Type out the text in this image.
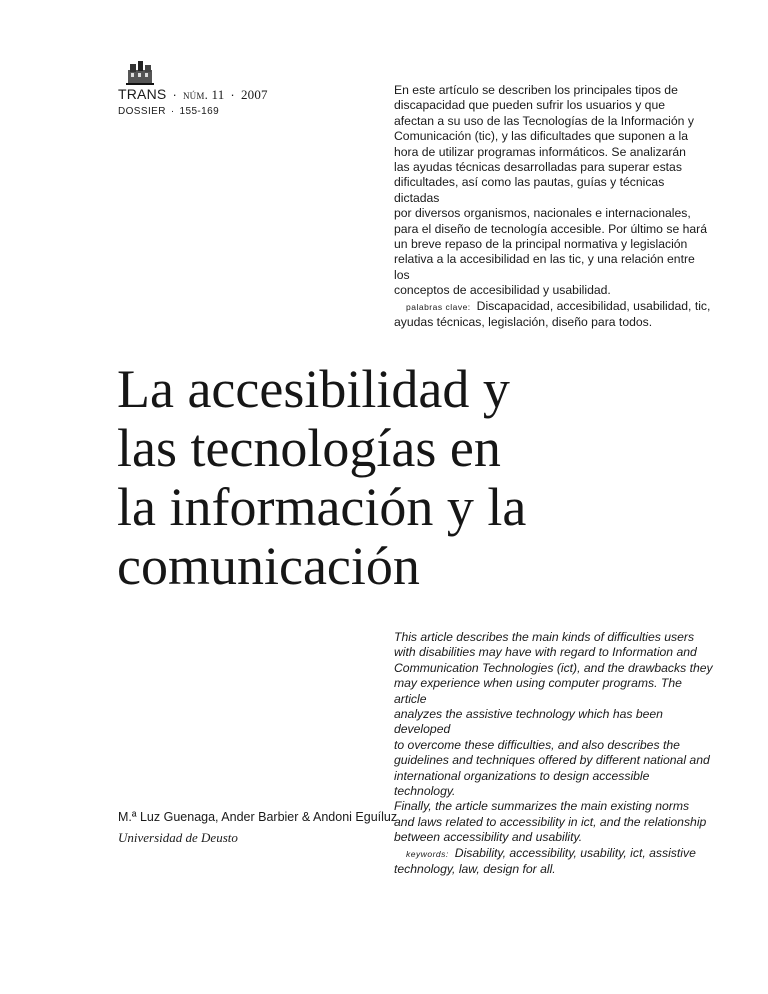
TRANS · núm. 11 · 2007
DOSSIER · 155-169

En este artículo se describen los principales tipos de
discapacidad que pueden sufrir los usuarios y que
afectan a su uso de las Tecnologías de la Información y
Comunicación (tic), y las dificultades que suponen a la
hora de utilizar programas informáticos. Se analizarán
las ayudas técnicas desarrolladas para superar estas
dificultades, así como las pautas, guías y técnicas dictadas
por diversos organismos, nacionales e internacionales,
para el diseño de tecnología accesible. Por último se hará
un breve repaso de la principal normativa y legislación
relativa a la accesibilidad en las tic, y una relación entre los
conceptos de accesibilidad y usabilidad.

palabras clave: Discapacidad, accesibilidad, usabilidad, tic,

ayudas técnicas, legislación, diseño para todos.

La accesibilidad y
las tecnologías en
la información y la
comunicación

This article describes the main kinds of difficulties users
with disabilities may have with regard to Information and
Communication Technologies (ict), and the drawbacks they
may experience when using computer programs. The article
analyzes the assistive technology which has been developed
to overcome these difficulties, and also describes the
guidelines and techniques offered by different national and
international organizations to design accessible technology.
Finally, the article summarizes the main existing norms
and laws related to accessibility in ict, and the relationship
between accessibility and usability.

keywords: Disability, accessibility, usability, ict, assistive

technology, law, design for all.

M.ª Luz Guenaga, Ander Barbier & Andoni Eguíluz
Universidad de Deusto
